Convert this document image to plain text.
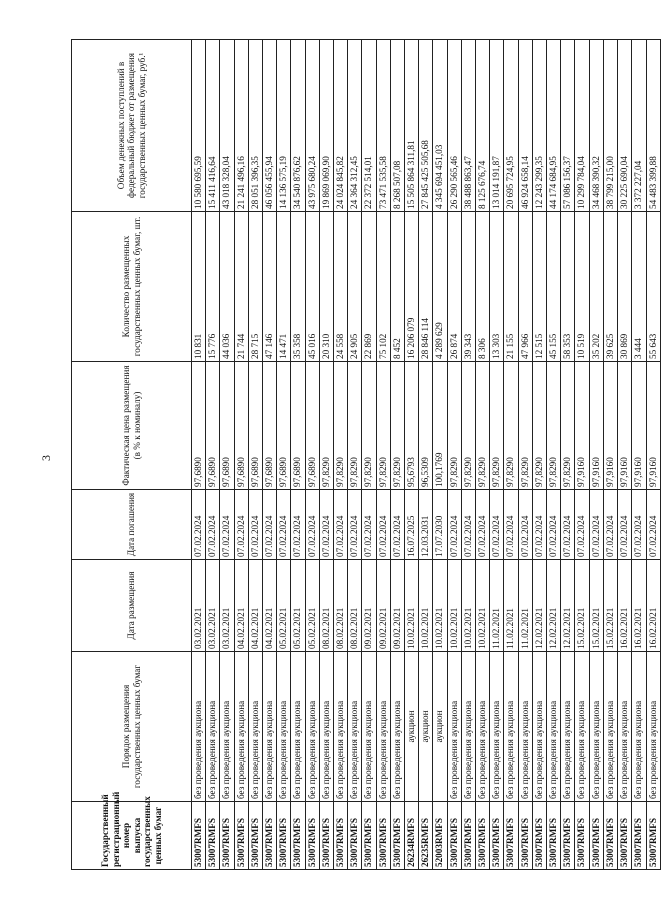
3
Государственный регистрационный номер выпуска государственных ценных бумаг	Порядок размещения государственных ценных бумаг	Дата размещения	Дата погашения	Фактическая цена размещения (в % к номиналу)	Количество размещенных государственных ценных бумаг, шт.	Объем денежных поступлений в федеральный бюджет от размещения государственных ценных бумаг, руб.¹
53007RMFS	без проведения аукциона	03.02.2021	07.02.2024	97,6890	10 831	10 580 695,59
53007RMFS	без проведения аукциона	03.02.2021	07.02.2024	97,6890	15 776	15 411 416,64
53007RMFS	без проведения аукциона	03.02.2021	07.02.2024	97,6890	44 036	43 018 328,04
53007RMFS	без проведения аукциона	04.02.2021	07.02.2024	97,6890	21 744	21 241 496,16
53007RMFS	без проведения аукциона	04.02.2021	07.02.2024	97,6890	28 715	28 051 396,35
53007RMFS	без проведения аукциона	04.02.2021	07.02.2024	97,6890	47 146	46 056 455,94
53007RMFS	без проведения аукциона	05.02.2021	07.02.2024	97,6890	14 471	14 136 575,19
53007RMFS	без проведения аукциона	05.02.2021	07.02.2024	97,6890	35 358	34 540 876,62
53007RMFS	без проведения аукциона	05.02.2021	07.02.2024	97,6890	45 016	43 975 680,24
53007RMFS	без проведения аукциона	08.02.2021	07.02.2024	97,8290	20 310	19 869 069,90
53007RMFS	без проведения аукциона	08.02.2021	07.02.2024	97,8290	24 558	24 024 845,82
53007RMFS	без проведения аукциона	08.02.2021	07.02.2024	97,8290	24 905	24 364 312,45
53007RMFS	без проведения аукциона	09.02.2021	07.02.2024	97,8290	22 869	22 372 514,01
53007RMFS	без проведения аукциона	09.02.2021	07.02.2024	97,8290	75 102	73 471 535,58
53007RMFS	без проведения аукциона	09.02.2021	07.02.2024	97,8290	8 452	8 268 507,08
26234RMFS	аукцион	10.02.2021	16.07.2025	95,6793	16 206 079	15 505 864 311,81
26235RMFS	аукцион	10.02.2021	12.03.2031	96,5309	28 846 114	27 845 425 505,68
52003RMFS	аукцион	10.02.2021	17.07.2030	100,1769	4 289 629	4 345 694 451,03
53007RMFS	без проведения аукциона	10.02.2021	07.02.2024	97,8290	26 874	26 290 565,46
53007RMFS	без проведения аукциона	10.02.2021	07.02.2024	97,8290	39 343	38 488 863,47
53007RMFS	без проведения аукциона	10.02.2021	07.02.2024	97,8290	8 306	8 125 676,74
53007RMFS	без проведения аукциона	11.02.2021	07.02.2024	97,8290	13 303	13 014 191,87
53007RMFS	без проведения аукциона	11.02.2021	07.02.2024	97,8290	21 155	20 695 724,95
53007RMFS	без проведения аукциона	11.02.2021	07.02.2024	97,8290	47 966	46 924 658,14
53007RMFS	без проведения аукциона	12.02.2021	07.02.2024	97,8290	12 515	12 243 299,35
53007RMFS	без проведения аукциона	12.02.2021	07.02.2024	97,8290	45 155	44 174 684,95
53007RMFS	без проведения аукциона	12.02.2021	07.02.2024	97,8290	58 353	57 086 156,37
53007RMFS	без проведения аукциона	15.02.2021	07.02.2024	97,9160	10 519	10 299 784,04
53007RMFS	без проведения аукциона	15.02.2021	07.02.2024	97,9160	35 202	34 468 390,32
53007RMFS	без проведения аукциона	15.02.2021	07.02.2024	97,9160	39 625	38 799 215,00
53007RMFS	без проведения аукциона	16.02.2021	07.02.2024	97,9160	30 869	30 225 690,04
53007RMFS	без проведения аукциона	16.02.2021	07.02.2024	97,9160	3 444	3 372 227,04
53007RMFS	без проведения аукциона	16.02.2021	07.02.2024	97,9160	55 643	54 483 399,88
